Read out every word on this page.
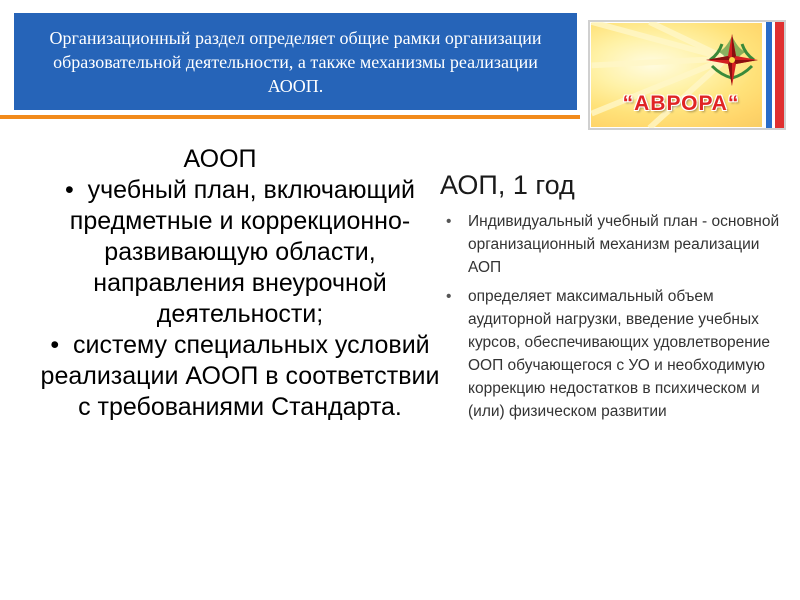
Организационный раздел определяет общие рамки организации образовательной деятельности, а также механизмы реализации АООП.
“АВРОРА“
АООП
•  учебный план, включающий предметные и коррекционно-развивающую области, направления внеурочной деятельности;
•  систему специальных условий реализации АООП в соответствии с требованиями Стандарта.
АОП, 1 год
• Индивидуальный учебный план - основной организационный механизм реализации АОП
• определяет максимальный объем аудиторной нагрузки, введение учебных курсов, обеспечивающих удовлетворение ООП обучающегося с УО и необходимую коррекцию недостатков в психическом и (или) физическом развитии
